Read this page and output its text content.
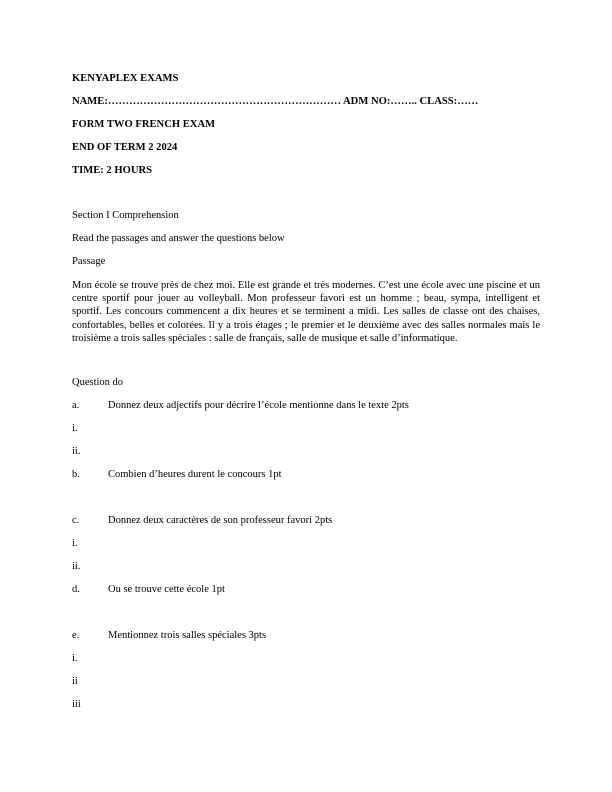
KENYAPLEX EXAMS
NAME:………………………………………………………… ADM NO:…….. CLASS:……
FORM TWO FRENCH EXAM
END OF TERM 2 2024
TIME: 2 HOURS
Section I Comprehension
Read the passages and answer the questions below
Passage

Mon école se trouve près de chez moi. Elle est grande et très modernes. C’est une école avec une piscine et un centre sportif pour jouer au volleyball. Mon professeur favori est un homme ; beau, sympa, intelligent et sportif. Les concours commencent a dix heures et se terminent a midi. Les salles de classe ont des chaises, confortables, belles et colorées. Il y a trois étages ; le premier et le deuxième avec des salles normales mais le troisième a trois salles spéciales : salle de français, salle de musique et salle d’informatique.

Question do
a.	Donnez deux adjectifs pour décrire l’école mentionne dans le texte 2pts
i.
ii.
b.	Combien d’heures durent le concours 1pt
c.	Donnez deux caractères de son professeur favori 2pts
i.
ii.
d.	Ou se trouve cette école 1pt
e.	Mentionnez trois salles spéciales 3pts
i.
ii
iii
